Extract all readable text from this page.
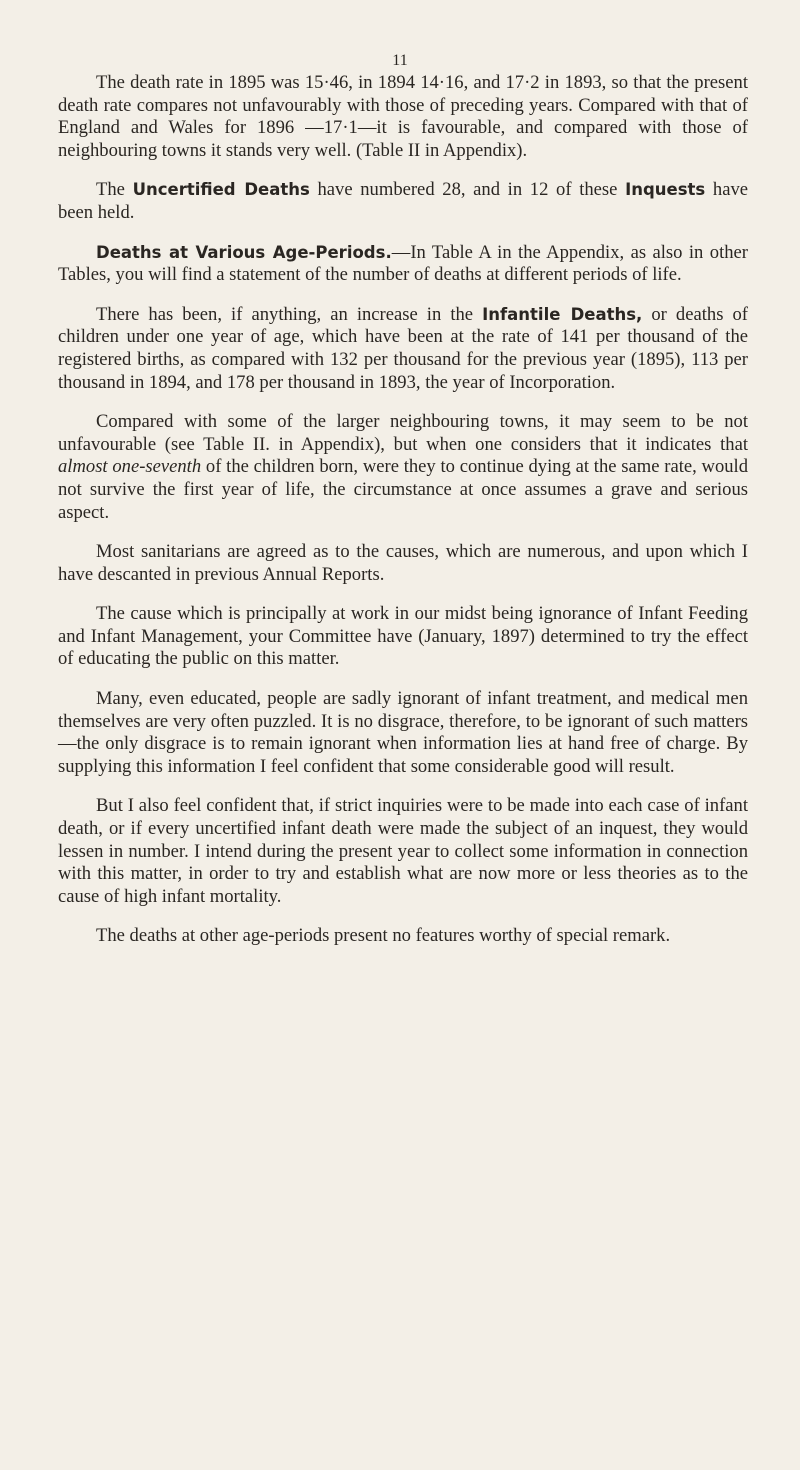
11

The death rate in 1895 was 15·46, in 1894 14·16, and 17·2 in 1893, so that the present death rate compares not unfavourably with those of preceding years. Compared with that of England and Wales for 1896 —17·1—it is favourable, and compared with those of neighbouring towns it stands very well. (Table II in Appendix).

The Uncertified Deaths have numbered 28, and in 12 of these Inquests have been held.

Deaths at Various Age-Periods.—In Table A in the Appendix, as also in other Tables, you will find a statement of the number of deaths at different periods of life.

There has been, if anything, an increase in the Infantile Deaths, or deaths of children under one year of age, which have been at the rate of 141 per thousand of the registered births, as compared with 132 per thousand for the previous year (1895), 113 per thousand in 1894, and 178 per thousand in 1893, the year of Incorporation.

Compared with some of the larger neighbouring towns, it may seem to be not unfavourable (see Table II. in Appendix), but when one considers that it indicates that almost one-seventh of the children born, were they to continue dying at the same rate, would not survive the first year of life, the circumstance at once assumes a grave and serious aspect.

Most sanitarians are agreed as to the causes, which are numerous, and upon which I have descanted in previous Annual Reports.

The cause which is principally at work in our midst being ignorance of Infant Feeding and Infant Management, your Committee have (January, 1897) determined to try the effect of educating the public on this matter.

Many, even educated, people are sadly ignorant of infant treatment, and medical men themselves are very often puzzled. It is no disgrace, therefore, to be ignorant of such matters—the only disgrace is to remain ignorant when information lies at hand free of charge. By supplying this information I feel confident that some considerable good will result.

But I also feel confident that, if strict inquiries were to be made into each case of infant death, or if every uncertified infant death were made the subject of an inquest, they would lessen in number. I intend during the present year to collect some information in connection with this matter, in order to try and establish what are now more or less theories as to the cause of high infant mortality.

The deaths at other age-periods present no features worthy of special remark.
